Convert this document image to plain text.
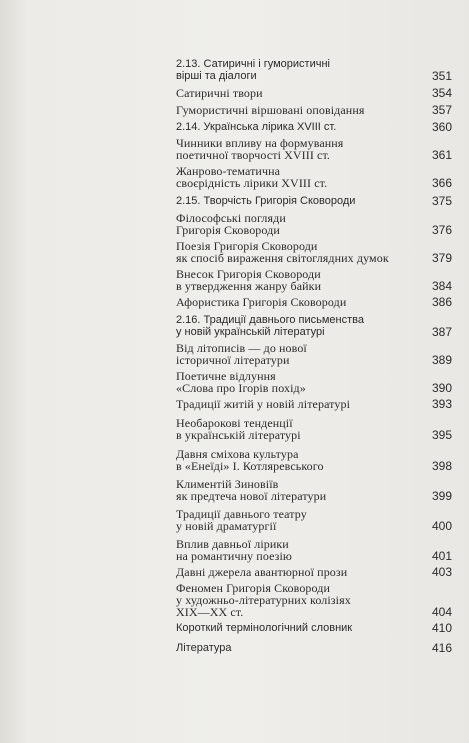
2.13. Сатиричні і гумористичні
вірші та діалоги	351
Сатиричні твори	354
Гумористичні віршовані оповідання	357
2.14. Українська лірика XVIII ст.	360
Чинники впливу на формування
поетичної творчості XVIII ст.	361
Жанрово-тематична
своєрідність лірики XVIII ст.	366
2.15. Творчість Григорія Сковороди	375
Філософські погляди
Григорія Сковороди	376
Поезія Григорія Сковороди
як спосіб вираження світоглядних думок	379
Внесок Григорія Сковороди
в утвердження жанру байки	384
Афористика Григорія Сковороди	386
2.16. Традиції давнього письменства
у новій українській літературі	387
Від літописів — до нової
історичної літератури	389
Поетичне відлуння
«Слова про Ігорів похід»	390
Традиції житій у новій літературі	393
Необарокові тенденції
в українській літературі	395
Давня сміхова культура
в «Енеїді» І. Котляревського	398
Климентій Зиновіїв
як предтеча нової літератури	399
Традиції давнього театру
у новій драматургії	400
Вплив давньої лірики
на романтичну поезію	401
Давні джерела авантюрної прози	403
Феномен Григорія Сковороди
у художньо-літературних колізіях
XIX—XX ст.	404
Короткий термінологічний словник	410
Література	416
